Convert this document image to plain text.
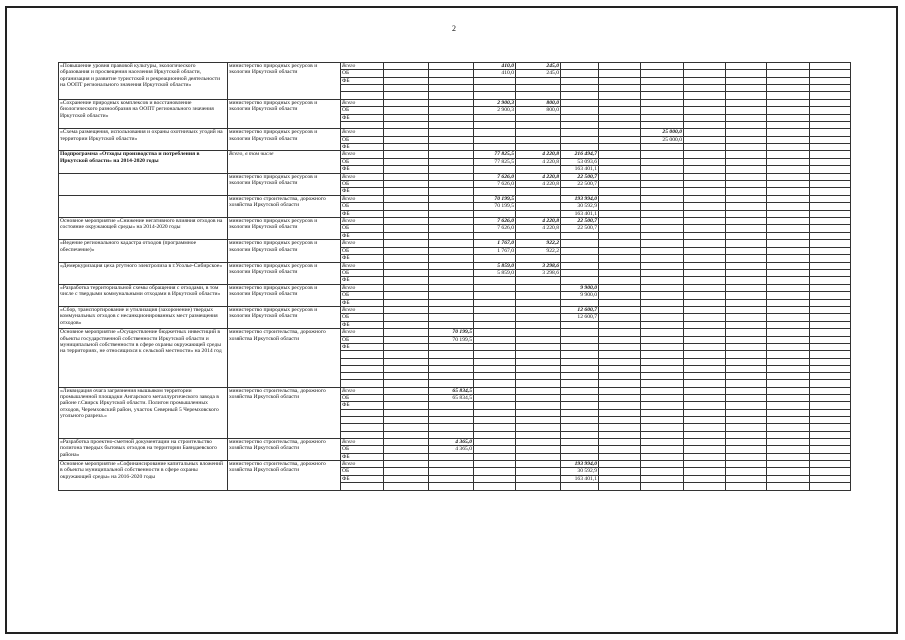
2
«Повышение уровня правовой культуры, экологического образования и просвещения населения Иркутской области, организация и развитие туристской и рекреационной деятельности на ООПТ регионального значения Иркутской области»	министерство природных ресурсов и экологии Иркутской области	Всего			410,0	245,0							
		ОБ			410,0	245,0							
		ФБ											

«Сохранение природных комплексов и восстановление биологического разнообразия на ООПТ регионального значения Иркутской области»	министерство природных ресурсов и экологии Иркутской области	Всего			2 900,3	800,0							
		ОБ			2 900,3	800,0							
		ФБ											

«Схема размещения, использования и охраны охотничьих угодий на территории Иркутской области»	министерство природных ресурсов и экологии Иркутской области	Всего							25 000,0				
		ОБ							25 000,0				
		ФБ											
Подпрограмма «Отходы производства и потребления в Иркутской области» на 2014-2020 годы	Всего, в том числе	Всего			77 825,5	4 220,8	216 494,7						
		ОБ			77 825,5	4 220,8	53 093,6						
		ФБ					163 401,1						
	министерство природных ресурсов и экологии Иркутской области	Всего			7 626,0	4 220,8	22 500,7						
		ОБ			7 626,0	4 220,8	22 500,7						
		ФБ											
	министерство строительства, дорожного хозяйства Иркутской области	Всего			70 199,5		193 994,0						
		ОБ			70 199,5		30 592,9						
		ФБ					163 401,1						
Основное мероприятие «Снижение негативного влияния отходов на состояние окружающей среды» на 2014-2020 годы	министерство природных ресурсов и экологии Иркутской области	Всего			7 626,0	4 220,8	22 500,7						
		ОБ			7 626,0	4 220,8	22 500,7						
		ФБ											
«Ведение регионального кадастра отходов (программное обеспечение)»	министерство природных ресурсов и экологии Иркутской области	Всего			1 767,0	922,2							
		ОБ			1 767,0	922,2							
		ФБ											
«Демеркуризация цеха ртутного электролиза в г.Усолье-Сибирское»	министерство природных ресурсов и экологии Иркутской области	Всего			5 859,0	3 298,6							
		ОБ			5 859,0	3 298,6							
		ФБ											
«Разработка территориальной схемы обращения с отходами, в том числе с твердыми коммунальными отходами в Иркутской области»	министерство природных ресурсов и экологии Иркутской области	Всего					9 900,0						
		ОБ					9 900,0						
		ФБ											
«Сбор, транспортирование и утилизация (захоронение) твердых коммунальных отходов с несанкционированных мест размещения отходов»	министерство природных ресурсов и экологии Иркутской области	Всего					12 600,7						
		ОБ					12 600,7						
		ФБ											
Основное мероприятие «Осуществление бюджетных инвестиций в объекты государственной собственности Иркутской области и муниципальной собственности в сфере охраны окружающей среды на территориях, не относящихся к сельской местности» на 2014 год	министерство строительства, дорожного хозяйства Иркутской области	Всего		70 199,5									
		ОБ		70 199,5									
		ФБ											

«Ликвидация очага загрязнения мышьяком территории промышленной площадки Ангарского металлургического завода в районе г.Свирск Иркутской области. Полигон промышленных отходов, Черемховский район, участок Северный 5 Черемховского угольного разреза.»	министерство строительства, дорожного хозяйства Иркутской области	Всего		65 834,5									
		ОБ		65 834,5									
		ФБ											

«Разработка проектно-сметной документации на строительство полигона твердых бытовых отходов на территории Баяндаевского района»	министерство строительства, дорожного хозяйства Иркутской области	Всего		4 365,0									
		ОБ		4 365,0									
		ФБ											
Основное мероприятие «Софинансирование капитальных вложений в объекты муниципальной собственности в сфере охраны окружающей среды» на 2016-2020 годы	министерство строительства, дорожного хозяйства Иркутской области	Всего					193 994,0						
		ОБ					30 592,9						
		ФБ					163 401,1						
